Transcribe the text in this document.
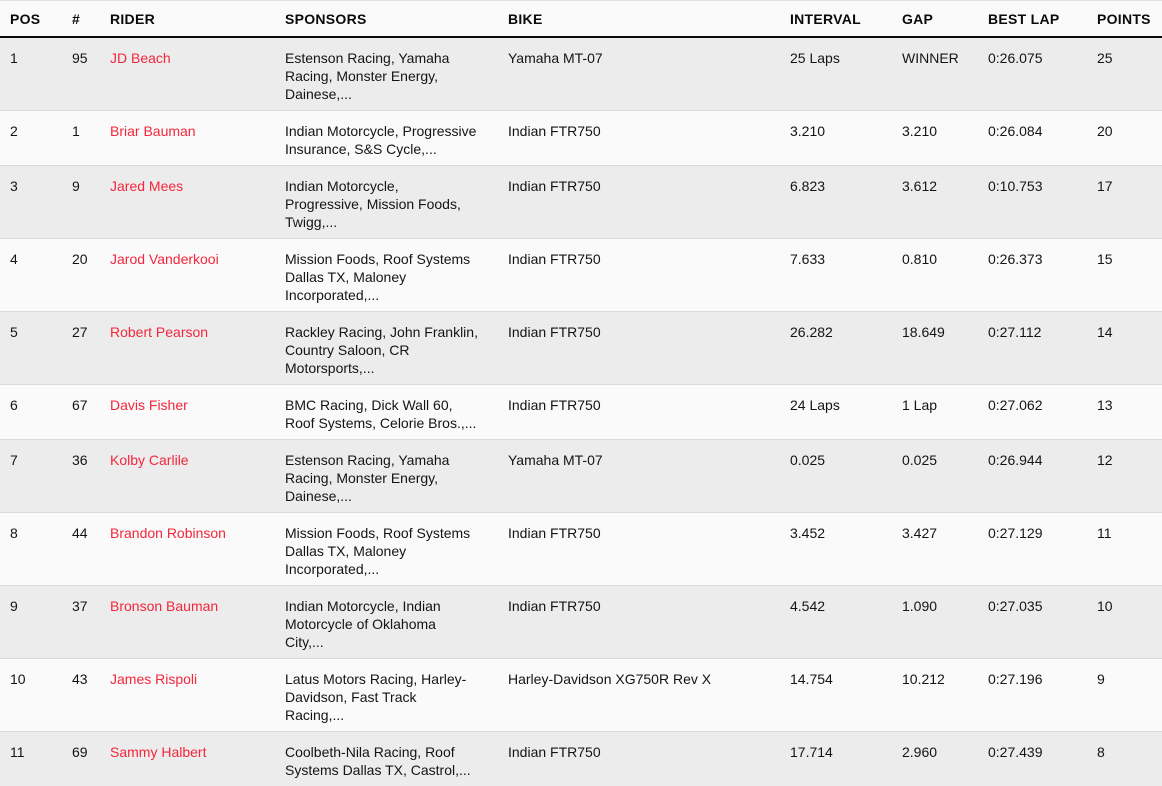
POS	#	RIDER	SPONSORS	BIKE	INTERVAL	GAP	BEST LAP	POINTS
1	95	JD Beach	Estenson Racing, Yamaha Racing, Monster Energy, Dainese,...	Yamaha MT-07	25 Laps	WINNER	0:26.075	25
2	1	Briar Bauman	Indian Motorcycle, Progressive Insurance, S&S Cycle,...	Indian FTR750	3.210	3.210	0:26.084	20
3	9	Jared Mees	Indian Motorcycle, Progressive, Mission Foods, Twigg,...	Indian FTR750	6.823	3.612	0:10.753	17
4	20	Jarod Vanderkooi	Mission Foods, Roof Systems Dallas TX, Maloney Incorporated,...	Indian FTR750	7.633	0.810	0:26.373	15
5	27	Robert Pearson	Rackley Racing, John Franklin, Country Saloon, CR Motorsports,...	Indian FTR750	26.282	18.649	0:27.112	14
6	67	Davis Fisher	BMC Racing, Dick Wall 60, Roof Systems, Celorie Bros.,...	Indian FTR750	24 Laps	1 Lap	0:27.062	13
7	36	Kolby Carlile	Estenson Racing, Yamaha Racing, Monster Energy, Dainese,...	Yamaha MT-07	0.025	0.025	0:26.944	12
8	44	Brandon Robinson	Mission Foods, Roof Systems Dallas TX, Maloney Incorporated,...	Indian FTR750	3.452	3.427	0:27.129	11
9	37	Bronson Bauman	Indian Motorcycle, Indian Motorcycle of Oklahoma City,...	Indian FTR750	4.542	1.090	0:27.035	10
10	43	James Rispoli	Latus Motors Racing, Harley-Davidson, Fast Track Racing,...	Harley-Davidson XG750R Rev X	14.754	10.212	0:27.196	9
11	69	Sammy Halbert	Coolbeth-Nila Racing, Roof Systems Dallas TX, Castrol,...	Indian FTR750	17.714	2.960	0:27.439	8
